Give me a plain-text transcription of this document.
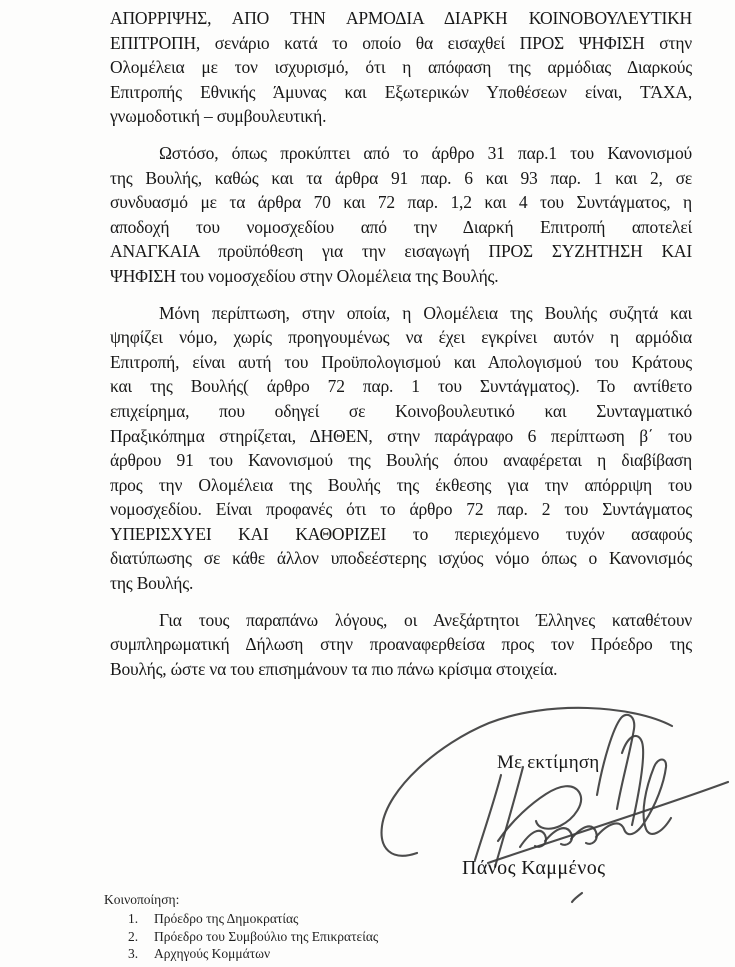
ΑΠΟΡΡΙΨΗΣ, ΑΠΟ ΤΗΝ ΑΡΜΟΔΙΑ ΔΙΑΡΚΗ ΚΟΙΝΟΒΟΥΛΕΥΤΙΚΗ
ΕΠΙΤΡΟΠΗ, σενάριο κατά το οποίο θα εισαχθεί ΠΡΟΣ ΨΗΦΙΣΗ στην
Ολομέλεια με τον ισχυρισμό, ότι η απόφαση της αρμόδιας Διαρκούς
Επιτροπής Εθνικής Άμυνας και Εξωτερικών Υποθέσεων είναι, ΤΆΧΑ,
γνωμοδοτική – συμβουλευτική.
Ωστόσο, όπως προκύπτει από το άρθρο 31 παρ.1 του Κανονισμού
της Βουλής, καθώς και τα άρθρα 91 παρ. 6 και 93 παρ. 1 και 2, σε
συνδυασμό με τα άρθρα 70 και 72 παρ. 1,2 και 4 του Συντάγματος, η
αποδοχή του νομοσχεδίου από την Διαρκή Επιτροπή αποτελεί
ΑΝΑΓΚΑΙΑ προϋπόθεση για την εισαγωγή ΠΡΟΣ ΣΥΖΗΤΗΣΗ ΚΑΙ
ΨΗΦΙΣΗ του νομοσχεδίου στην Ολομέλεια της Βουλής.
Μόνη περίπτωση, στην οποία, η Ολομέλεια της Βουλής συζητά και
ψηφίζει νόμο, χωρίς προηγουμένως να έχει εγκρίνει αυτόν η αρμόδια
Επιτροπή, είναι αυτή του Προϋπολογισμού και Απολογισμού του Κράτους
και της Βουλής( άρθρο 72 παρ. 1 του Συντάγματος). Το αντίθετο
επιχείρημα, που οδηγεί σε Κοινοβουλευτικό και Συνταγματικό
Πραξικόπημα στηρίζεται, ΔΗΘΕΝ, στην παράγραφο 6 περίπτωση β΄ του
άρθρου 91 του Κανονισμού της Βουλής όπου αναφέρεται η διαβίβαση
προς την Ολομέλεια της Βουλής της έκθεσης για την απόρριψη του
νομοσχεδίου. Είναι προφανές ότι το άρθρο 72 παρ. 2 του Συντάγματος
ΥΠΕΡΙΣΧΥΕΙ ΚΑΙ ΚΑΘΟΡΙΖΕΙ το περιεχόμενο τυχόν ασαφούς
διατύπωσης σε κάθε άλλον υποδεέστερης ισχύος νόμο όπως ο Κανονισμός
της Βουλής.
Για τους παραπάνω λόγους, οι Ανεξάρτητοι Έλληνες καταθέτουν
συμπληρωματική Δήλωση στην προαναφερθείσα προς τον Πρόεδρο της
Βουλής, ώστε να του επισημάνουν τα πιο πάνω κρίσιμα στοιχεία.
Με εκτίμηση
Πάνος Καμμένος
Κοινοποίηση:
1.	Πρόεδρο της Δημοκρατίας
2.	Πρόεδρο του Συμβούλιο της Επικρατείας
3.	Αρχηγούς Κομμάτων
